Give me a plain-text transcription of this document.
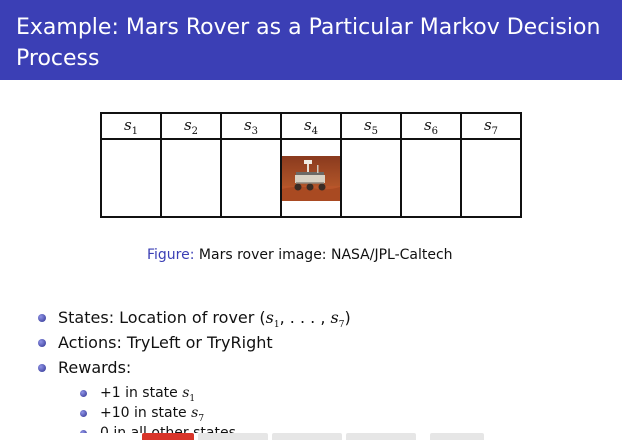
Example: Mars Rover as a Particular Markov Decision Process
$s_1$	$s_2$	$s_3$	$s_4$	$s_5$	$s_6$	$s_7$

Figure: Mars rover image: NASA/JPL-Caltech
States: Location of rover ($s_1$, . . . , $s_7$)
Actions: TryLeft or TryRight
Rewards:
+1 in state $s_1$
+10 in state $s_7$
